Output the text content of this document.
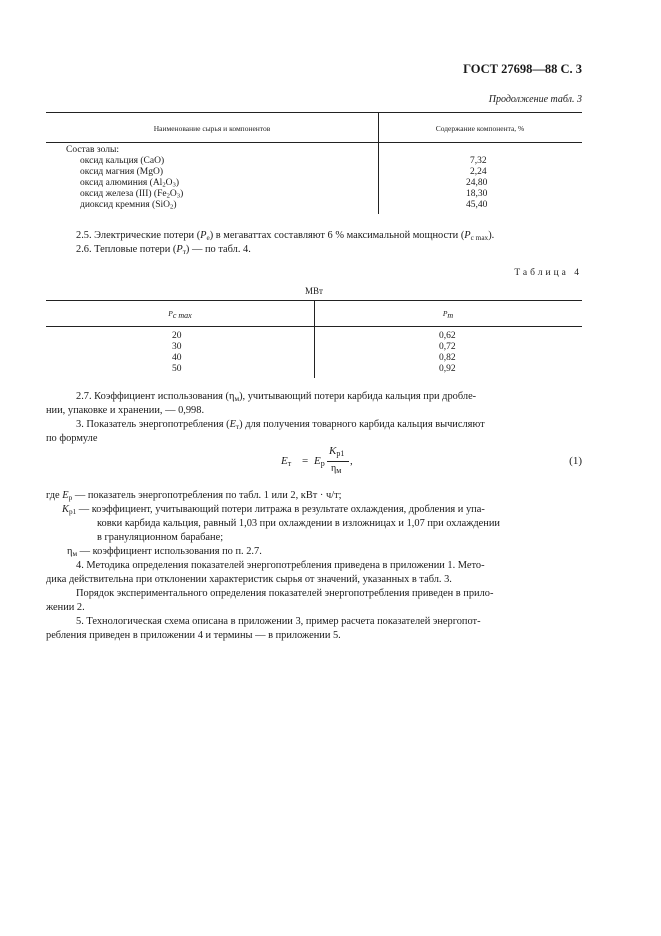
ГОСТ 27698—88 С. 3
Продолжение табл. 3
Наименование сырья и компонентов	Содержание компонента, %
Состав золы:
оксид кальция (CaO)	7,32
оксид магния (MgO)	2,24
оксид алюминия $(Al_2O_3)$	24,80
оксид железа (III) $(Fe_2O_3)$	18,30
диоксид кремния (SiO$_2$)	45,40
2.5. Электрические потери $(P_e)$ в мегаваттах составляют 6 % максимальной мощности $(P_{c max})$.
2.6. Тепловые потери $(P_т)$ — по табл. 4.
Таблица 4
МВт
$P_{c max}$	$P_т$
20	0,62
30	0,72
40	0,82
50	0,92
2.7. Коэффициент использования $(\eta_м)$, учитывающий потери карбида кальция при дробле-
нии, упаковке и хранении, — 0,998.
3. Показатель энергопотребления $(E_т)$ для получения товарного карбида кальция вычисляют
по формуле
$E_т = E_р$
$K_{р1}$
$\eta_м$
,	(1)
где $E_р$ — показатель энергопотребления по табл. 1 или 2, кВт · ч/т;
$K_{р1}$ — коэффициент, учитывающий потери литража в результате охлаждения, дробления и упа-
ковки карбида кальция, равный 1,03 при охлаждении в изложницах и 1,07 при охлаждении
в грануляционном барабане;
$\eta_м$ — коэффициент использования по п. 2.7.
4. Методика определения показателей энергопотребления приведена в приложении 1. Мето-
дика действительна при отклонении характеристик сырья от значений, указанных в табл. 3.
Порядок экспериментального определения показателей энергопотребления приведен в прило-
жении 2.
5. Технологическая схема описана в приложении 3, пример расчета показателей энергопот-
ребления приведен в приложении 4 и термины — в приложении 5.
